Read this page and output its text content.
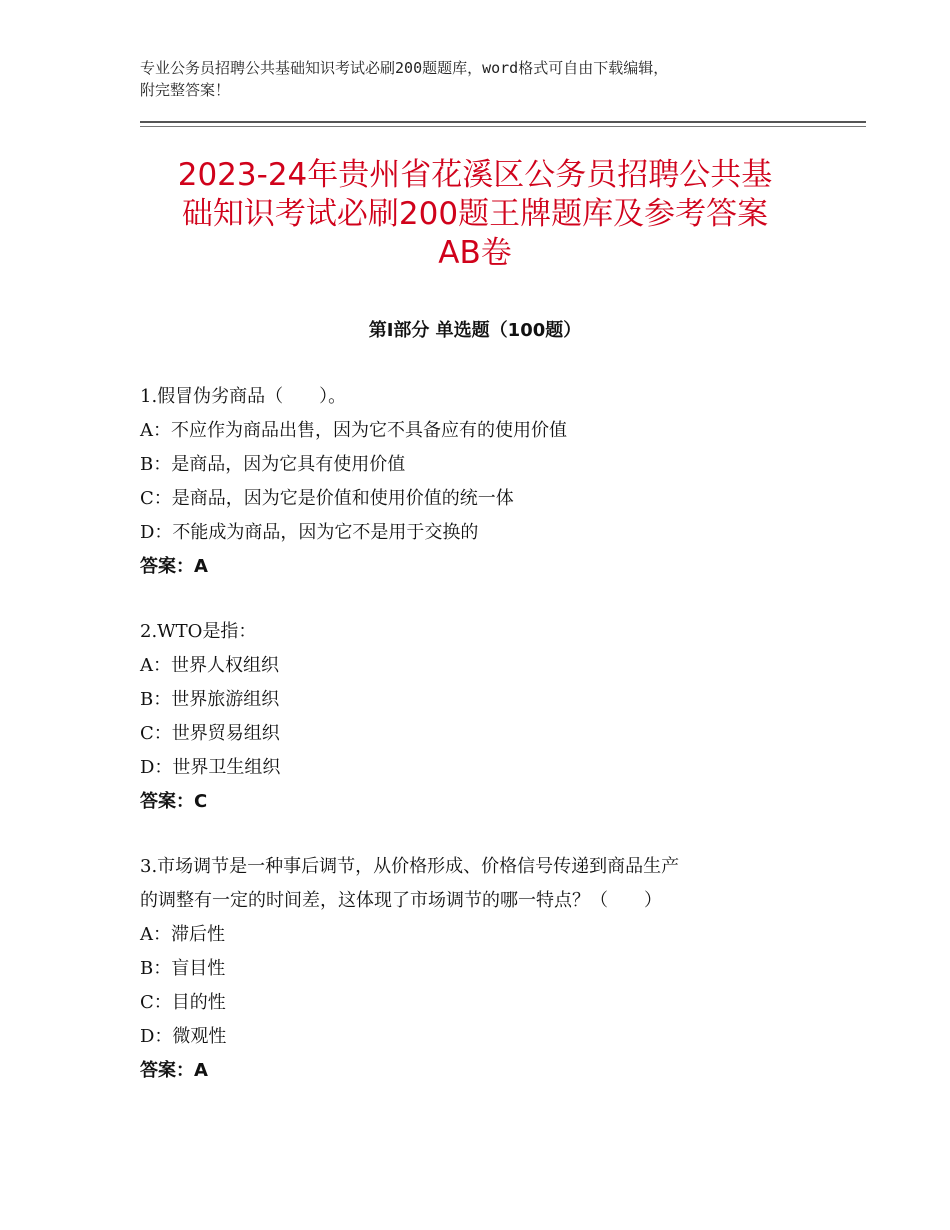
专业公务员招聘公共基础知识考试必刷200题题库，word格式可自由下载编辑，
附完整答案！
2023-24年贵州省花溪区公务员招聘公共基
础知识考试必刷200题王牌题库及参考答案
AB卷
第Ⅰ部分 单选题（100题）
1.假冒伪劣商品（　　）。
A：不应作为商品出售，因为它不具备应有的使用价值
B：是商品，因为它具有使用价值
C：是商品，因为它是价值和使用价值的统一体
D：不能成为商品，因为它不是用于交换的
答案：A
2.WTO是指：
A：世界人权组织
B：世界旅游组织
C：世界贸易组织
D：世界卫生组织
答案：C
3.市场调节是一种事后调节，从价格形成、价格信号传递到商品生产
的调整有一定的时间差，这体现了市场调节的哪一特点？（　　）
A：滞后性
B：盲目性
C：目的性
D：微观性
答案：A
